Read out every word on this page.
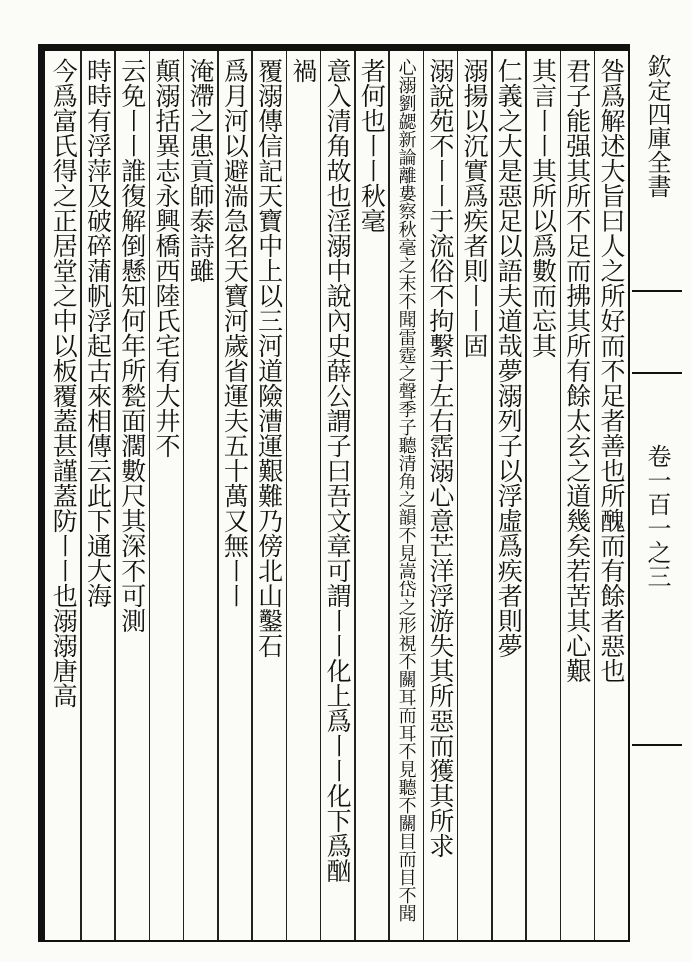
咎爲解述大旨曰人之所好而不足者善也所醜而有餘者惡也
君子能强其所不足而拂其所有餘太玄之道幾矣若苦其心艱
其言〡〡其所以爲數而忘其
仁義之大是惡足以語夫道哉夢溺列子以浮虛爲疾者則夢
溺揚以沉實爲疾者則〡〡固
溺說苑不〡〡于流俗不拘繫于左右霑溺心意芒洋浮游失其所惡而獲其所求
心溺劉勰新論離婁察秋毫之末不聞雷霆之聲季子聽清角之韻不見嵩岱之形視不關耳而耳不見聽不關目而目不聞
者何也〡〡秋毫
意入清角故也淫溺中說內史薛公謂子曰吾文章可謂〡〡化上爲〡〡化下爲酗
禍
覆溺傳信記天寶中上以三河道險漕運艱難乃傍北山鑿石
爲月河以避湍急名天寶河歲省運夫五十萬又無〡〡
淹滯之患貢師泰詩雖
顛溺括異志永興橋西陸氏宅有大井不
云免〡〡誰復解倒懸知何年所甃面濶數尺其深不可測
時時有浮萍及破碎蒲帆浮起古來相傳云此下通大海
今爲富氏得之正居堂之中以板覆蓋甚謹蓋防〡〡也溺溺唐高	欽定四庫全書
卷一百一之三
